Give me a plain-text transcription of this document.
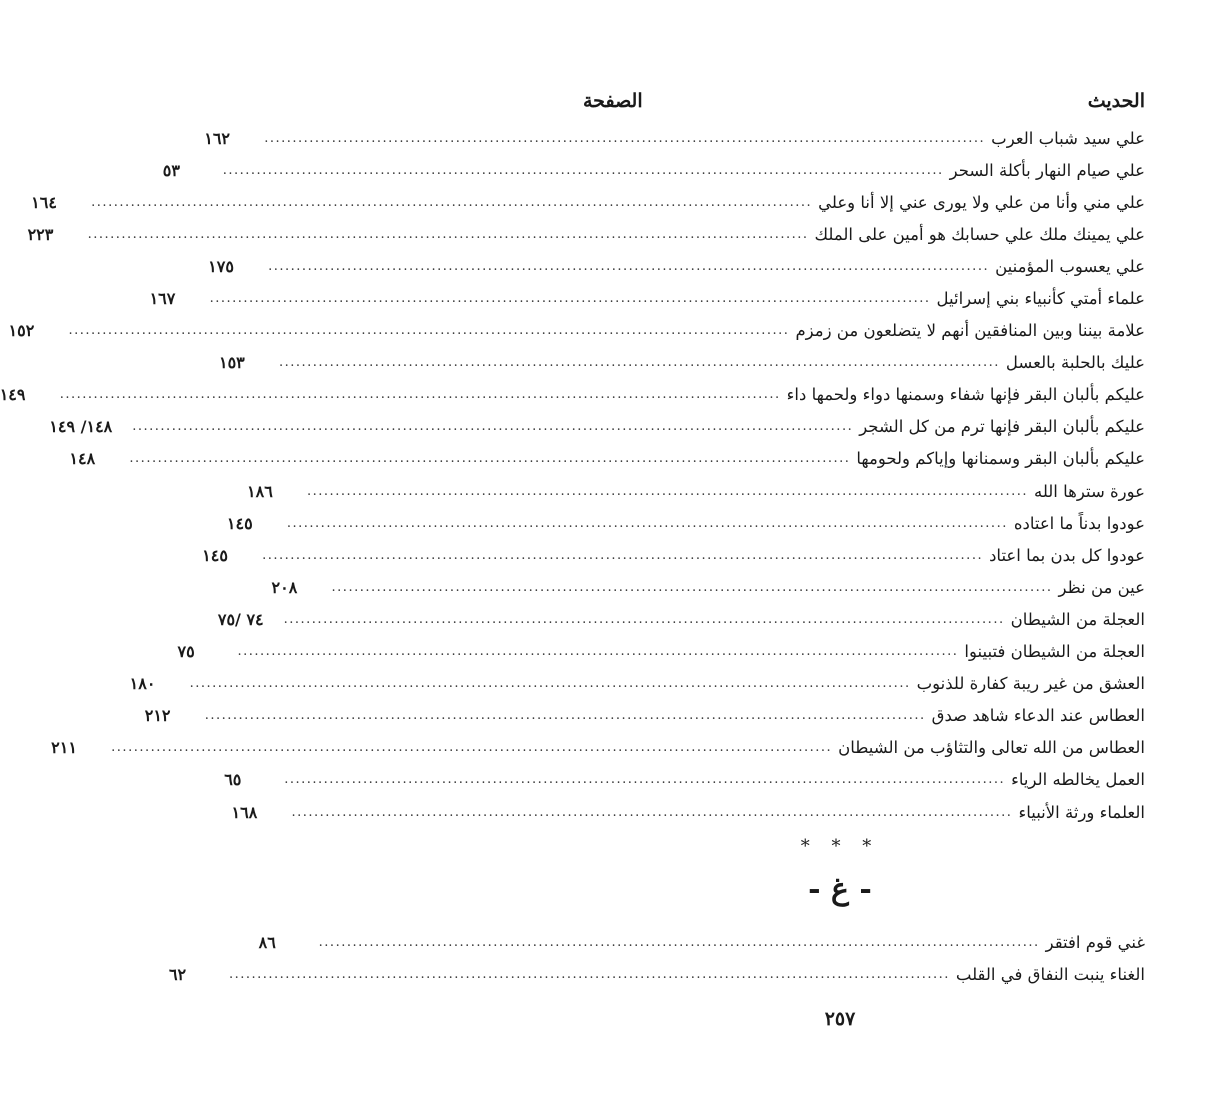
الحديث
الصفحة
علي سيد شباب العرب
................................................................................................................................
١٦٢
علي صيام النهار بأكلة السحر
................................................................................................................................
٥٣
علي مني وأنا من علي ولا يورى عني إلا أنا وعلي
................................................................................................................................
١٦٤
علي يمينك ملك علي حسابك هو أمين على الملك
................................................................................................................................
٢٢٣
علي يعسوب المؤمنين
................................................................................................................................
١٧٥
علماء أمتي كأنبياء بني إسرائيل
................................................................................................................................
١٦٧
علامة بيننا وبين المنافقين أنهم لا يتضلعون من زمزم
................................................................................................................................
١٥٢
عليك بالحلبة بالعسل
................................................................................................................................
١٥٣
عليكم بألبان البقر فإنها شفاء وسمنها دواء ولحمها داء
................................................................................................................................
١٤٩
عليكم بألبان البقر فإنها ترم من كل الشجر
................................................................................................................................
١٤٨/ ١٤٩
عليكم بألبان البقر وسمنانها وإياكم ولحومها
................................................................................................................................
١٤٨
عورة سترها الله
................................................................................................................................
١٨٦
عودوا بدناً ما اعتاده
................................................................................................................................
١٤٥
عودوا كل بدن بما اعتاد
................................................................................................................................
١٤٥
عين من نظر
................................................................................................................................
٢٠٨
العجلة من الشيطان
................................................................................................................................
٧٤ /٧٥
العجلة من الشيطان فتبينوا
................................................................................................................................
٧٥
العشق من غير ريبة كفارة للذنوب
................................................................................................................................
١٨٠
العطاس عند الدعاء شاهد صدق
................................................................................................................................
٢١٢
العطاس من الله تعالى والتثاؤب من الشيطان
................................................................................................................................
٢١١
العمل يخالطه الرياء
................................................................................................................................
٦٥
العلماء ورثة الأنبياء
................................................................................................................................
١٦٨
* * *
- غ -
غني قوم افتقر
................................................................................................................................
٨٦
الغناء ينبت النفاق في القلب
................................................................................................................................
٦٢
٢٥٧
